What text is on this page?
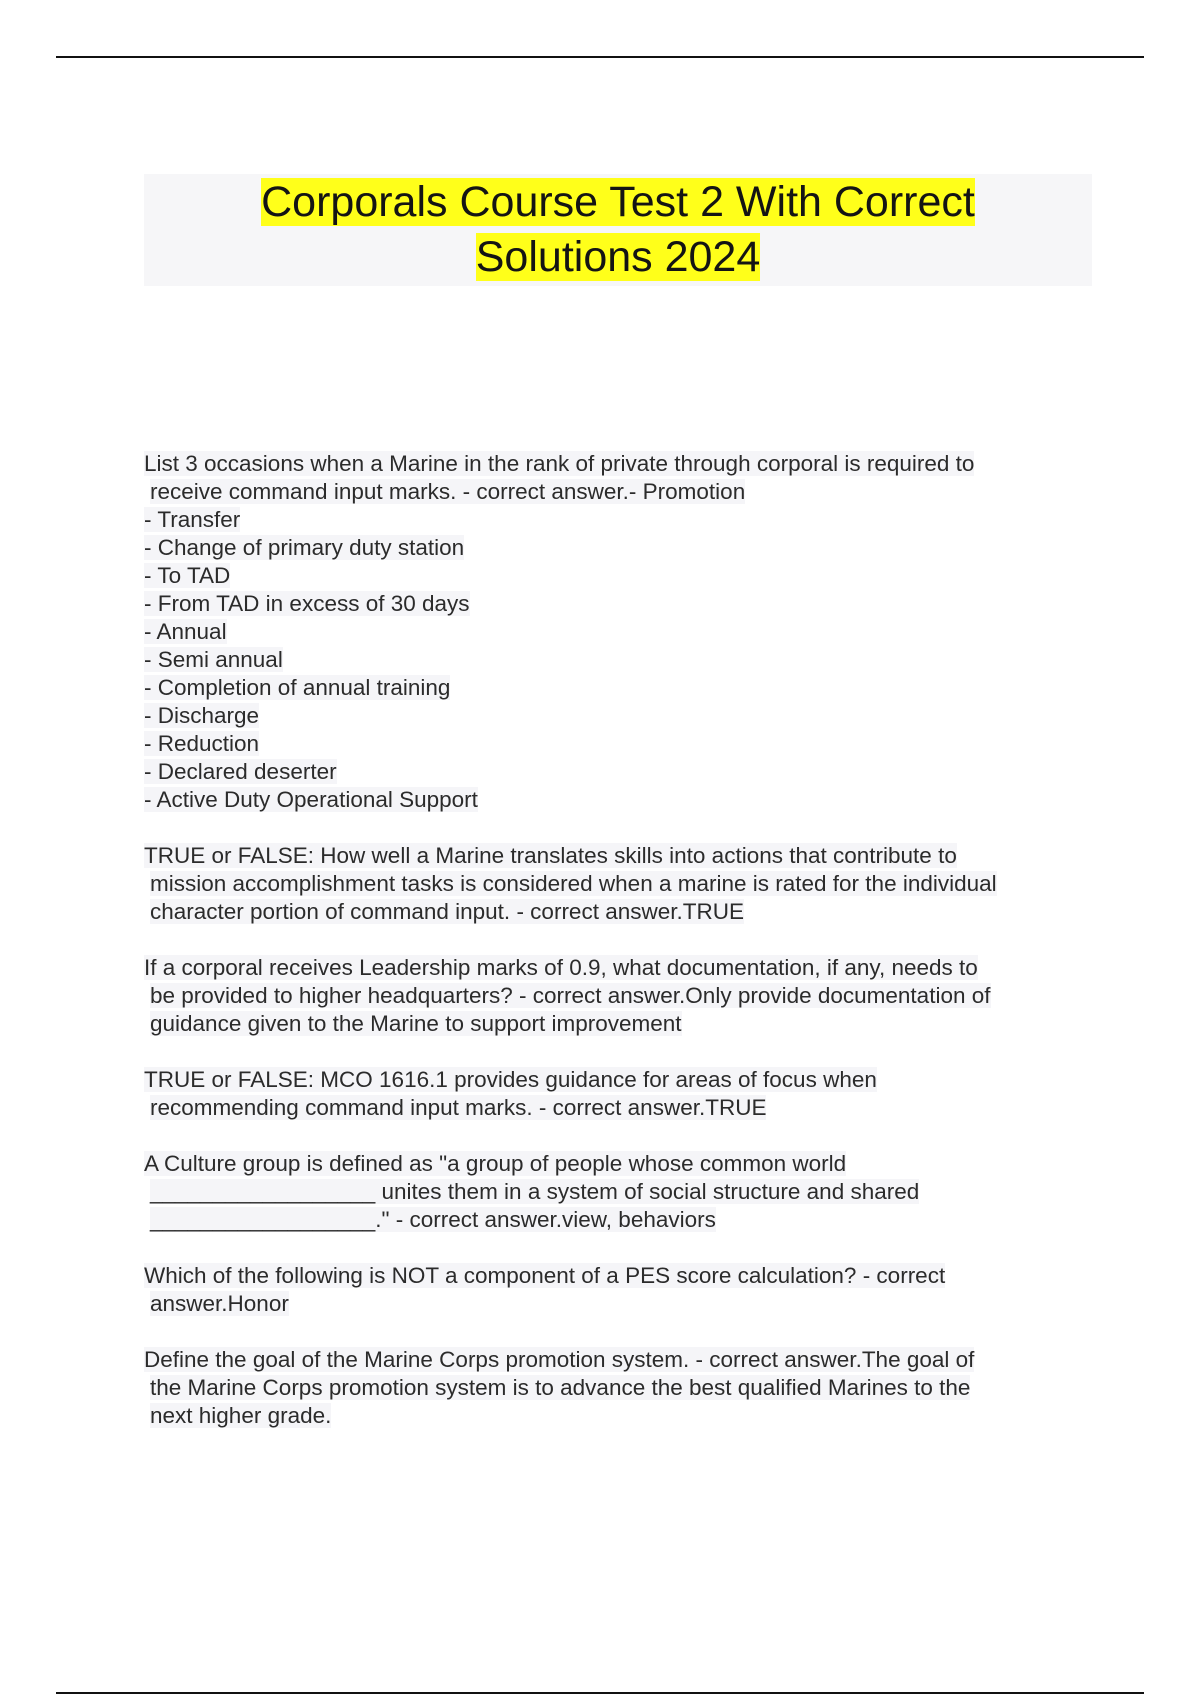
Corporals Course Test 2 With Correct
Solutions 2024

List 3 occasions when a Marine in the rank of private through corporal is required to

receive command input marks. - correct answer.- Promotion

- Transfer

- Change of primary duty station

- To TAD

- From TAD in excess of 30 days

- Annual

- Semi annual

- Completion of annual training

- Discharge

- Reduction

- Declared deserter

- Active Duty Operational Support

TRUE or FALSE: How well a Marine translates skills into actions that contribute to

mission accomplishment tasks is considered when a marine is rated for the individual

character portion of command input. - correct answer.TRUE

If a corporal receives Leadership marks of 0.9, what documentation, if any, needs to

be provided to higher headquarters? - correct answer.Only provide documentation of

guidance given to the Marine to support improvement

TRUE or FALSE: MCO 1616.1 provides guidance for areas of focus when

recommending command input marks. - correct answer.TRUE

A Culture group is defined as "a group of people whose common world

__________________ unites them in a system of social structure and shared

__________________." - correct answer.view, behaviors

Which of the following is NOT a component of a PES score calculation? - correct

answer.Honor

Define the goal of the Marine Corps promotion system. - correct answer.The goal of

the Marine Corps promotion system is to advance the best qualified Marines to the

next higher grade.
